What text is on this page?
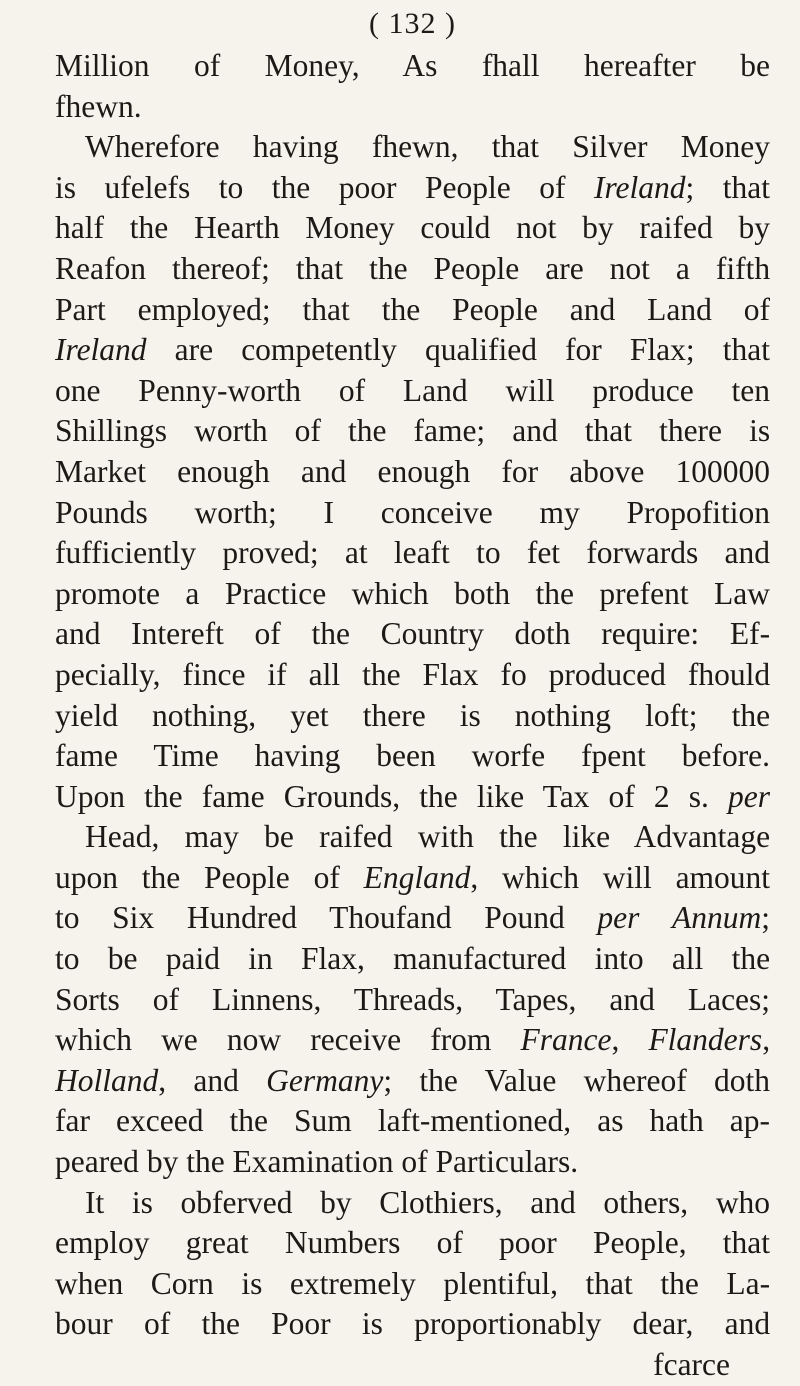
( 132 )
Million of Money, As fhall hereafter be
fhewn.
Wherefore having fhewn, that Silver Money
is ufelefs to the poor People of Ireland; that
half the Hearth Money could not by raifed by
Reafon thereof; that the People are not a fifth
Part employed; that the People and Land of
Ireland are competently qualified for Flax; that
one Penny-worth of Land will produce ten
Shillings worth of the fame; and that there is
Market enough and enough for above 100000
Pounds worth; I conceive my Propofition
fufficiently proved; at leaft to fet forwards and
promote a Practice which both the prefent Law
and Intereft of the Country doth require: Ef-
pecially, fince if all the Flax fo produced fhould
yield nothing, yet there is nothing loft; the
fame Time having been worfe fpent before.
Upon the fame Grounds, the like Tax of 2 s. per
Head, may be raifed with the like Advantage
upon the People of England, which will amount
to Six Hundred Thoufand Pound per Annum;
to be paid in Flax, manufactured into all the
Sorts of Linnens, Threads, Tapes, and Laces;
which we now receive from France, Flanders,
Holland, and Germany; the Value whereof doth
far exceed the Sum laft-mentioned, as hath ap-
peared by the Examination of Particulars.
It is obferved by Clothiers, and others, who
employ great Numbers of poor People, that
when Corn is extremely plentiful, that the La-
bour of the Poor is proportionably dear, and
fcarce
